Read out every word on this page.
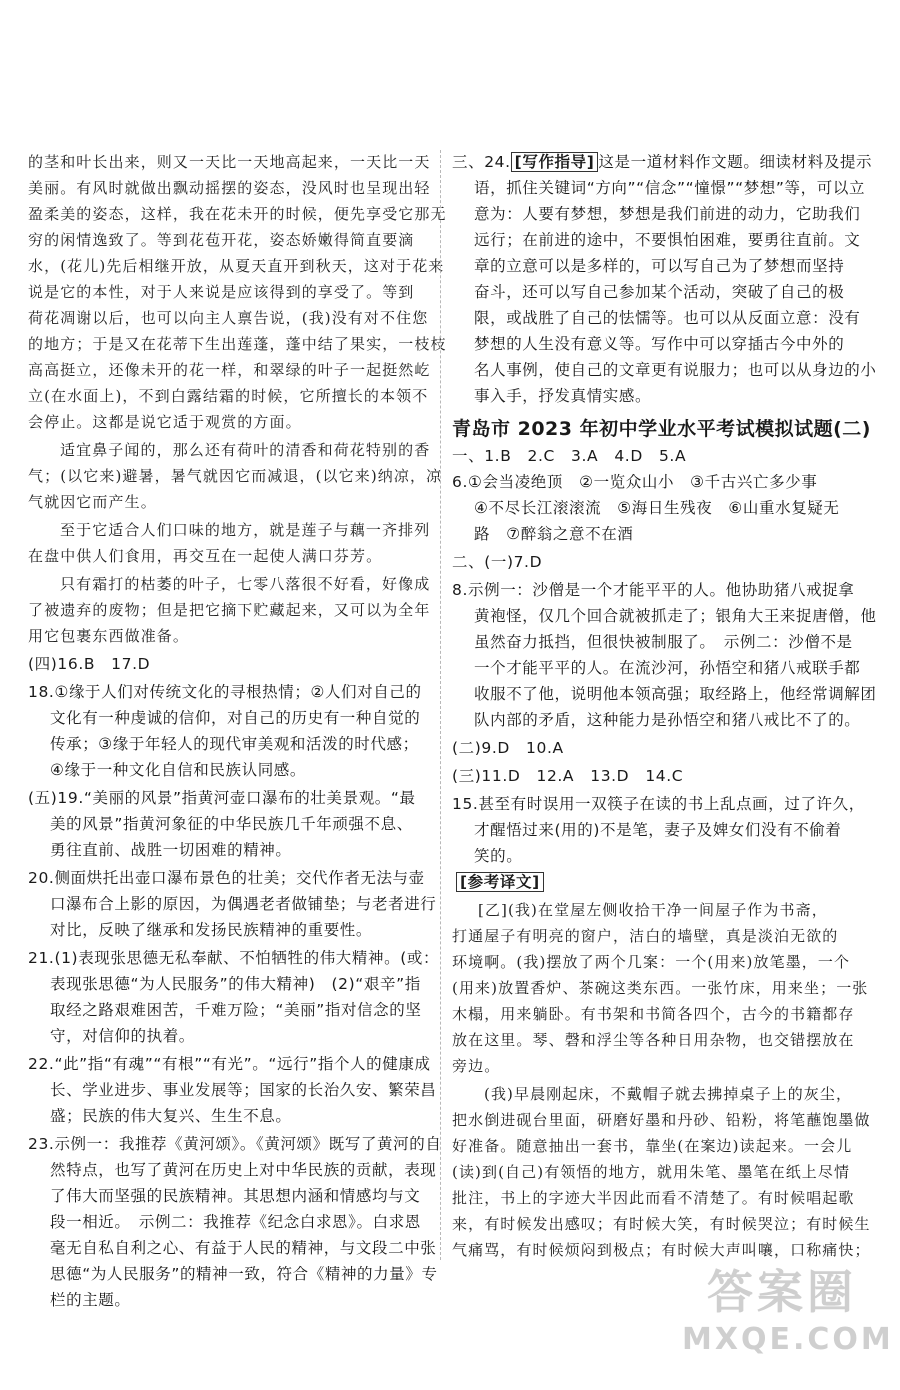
的茎和叶长出来，则又一天比一天地高起来，一天比一天
美丽。有风时就做出飘动摇摆的姿态，没风时也呈现出轻
盈柔美的姿态，这样，我在花未开的时候，便先享受它那无
穷的闲情逸致了。等到花苞开花，姿态娇嫩得简直要滴
水，(花儿)先后相继开放，从夏天直开到秋天，这对于花来
说是它的本性，对于人来说是应该得到的享受了。等到
荷花凋谢以后，也可以向主人禀告说，(我)没有对不住您
的地方；于是又在花蒂下生出莲蓬，蓬中结了果实，一枝枝
高高挺立，还像未开的花一样，和翠绿的叶子一起挺然屹
立(在水面上)，不到白露结霜的时候，它所擅长的本领不
会停止。这都是说它适于观赏的方面。
适宜鼻子闻的，那么还有荷叶的清香和荷花特别的香
气；(以它来)避暑，暑气就因它而减退，(以它来)纳凉，凉
气就因它而产生。
至于它适合人们口味的地方，就是莲子与藕一齐排列
在盘中供人们食用，再交互在一起使人满口芬芳。
只有霜打的枯萎的叶子，七零八落很不好看，好像成
了被遗弃的废物；但是把它摘下贮藏起来，又可以为全年
用它包裹东西做准备。
(四)16.B　17.D
18.①缘于人们对传统文化的寻根热情；②人们对自己的
文化有一种虔诚的信仰，对自己的历史有一种自觉的
传承；③缘于年轻人的现代审美观和活泼的时代感；
④缘于一种文化自信和民族认同感。
(五)19.“美丽的风景”指黄河壶口瀑布的壮美景观。“最
美的风景”指黄河象征的中华民族几千年顽强不息、
勇往直前、战胜一切困难的精神。
20.侧面烘托出壶口瀑布景色的壮美；交代作者无法与壶
口瀑布合上影的原因，为偶遇老者做铺垫；与老者进行
对比，反映了继承和发扬民族精神的重要性。
21.(1)表现张思德无私奉献、不怕牺牲的伟大精神。(或：
表现张思德“为人民服务”的伟大精神)　(2)“艰辛”指
取经之路艰难困苦，千难万险；“美丽”指对信念的坚
守，对信仰的执着。
22.“此”指“有魂”“有根”“有光”。“远行”指个人的健康成
长、学业进步、事业发展等；国家的长治久安、繁荣昌
盛；民族的伟大复兴、生生不息。
23.示例一：我推荐《黄河颂》。《黄河颂》既写了黄河的自
然特点，也写了黄河在历史上对中华民族的贡献，表现
了伟大而坚强的民族精神。其思想内涵和情感均与文
段一相近。　示例二：我推荐《纪念白求恩》。白求恩
毫无自私自利之心、有益于人民的精神，与文段二中张
思德“为人民服务”的精神一致，符合《精神的力量》专
栏的主题。
三、24. [写作指导] 这是一道材料作文题。细读材料及提示
语，抓住关键词“方向”“信念”“憧憬”“梦想”等，可以立
意为：人要有梦想，梦想是我们前进的动力，它助我们
远行；在前进的途中，不要惧怕困难，要勇往直前。文
章的立意可以是多样的，可以写自己为了梦想而坚持
奋斗，还可以写自己参加某个活动，突破了自己的极
限，或战胜了自己的怯懦等。也可以从反面立意：没有
梦想的人生没有意义等。写作中可以穿插古今中外的
名人事例，使自己的文章更有说服力；也可以从身边的小
事入手，抒发真情实感。
青岛市 2023 年初中学业水平考试模拟试题(二)
一、1.B　2.C　3.A　4.D　5.A
6.①会当凌绝顶　②一览众山小　③千古兴亡多少事
④不尽长江滚滚流　⑤海日生残夜　⑥山重水复疑无
路　⑦醉翁之意不在酒
二、(一)7.D
8.示例一：沙僧是一个才能平平的人。他协助猪八戒捉拿
黄袍怪，仅几个回合就被抓走了；银角大王来捉唐僧，他
虽然奋力抵挡，但很快被制服了。　示例二：沙僧不是
一个才能平平的人。在流沙河，孙悟空和猪八戒联手都
收服不了他，说明他本领高强；取经路上，他经常调解团
队内部的矛盾，这种能力是孙悟空和猪八戒比不了的。
(二)9.D　10.A
(三)11.D　12.A　13.D　14.C
15.甚至有时误用一双筷子在读的书上乱点画，过了许久，
才醒悟过来(用的)不是笔，妻子及婢女们没有不偷着
笑的。
[参考译文]
[乙](我)在堂屋左侧收拾干净一间屋子作为书斋，
打通屋子有明亮的窗户，洁白的墙壁，真是淡泊无欲的
环境啊。(我)摆放了两个几案：一个(用来)放笔墨，一个
(用来)放置香炉、茶碗这类东西。一张竹床，用来坐；一张
木榻，用来躺卧。有书架和书简各四个，古今的书籍都存
放在这里。琴、磬和浮尘等各种日用杂物，也交错摆放在
旁边。
(我)早晨刚起床，不戴帽子就去拂掉桌子上的灰尘，
把水倒进砚台里面，研磨好墨和丹砂、铅粉，将笔蘸饱墨做
好准备。随意抽出一套书，靠坐(在案边)读起来。一会儿
(读)到(自己)有领悟的地方，就用朱笔、墨笔在纸上尽情
批注，书上的字迹大半因此而看不清楚了。有时候唱起歌
来，有时候发出感叹；有时候大笑，有时候哭泣；有时候生
气痛骂，有时候烦闷到极点；有时候大声叫嚷，口称痛快；
答案圈
MXQE.COM
